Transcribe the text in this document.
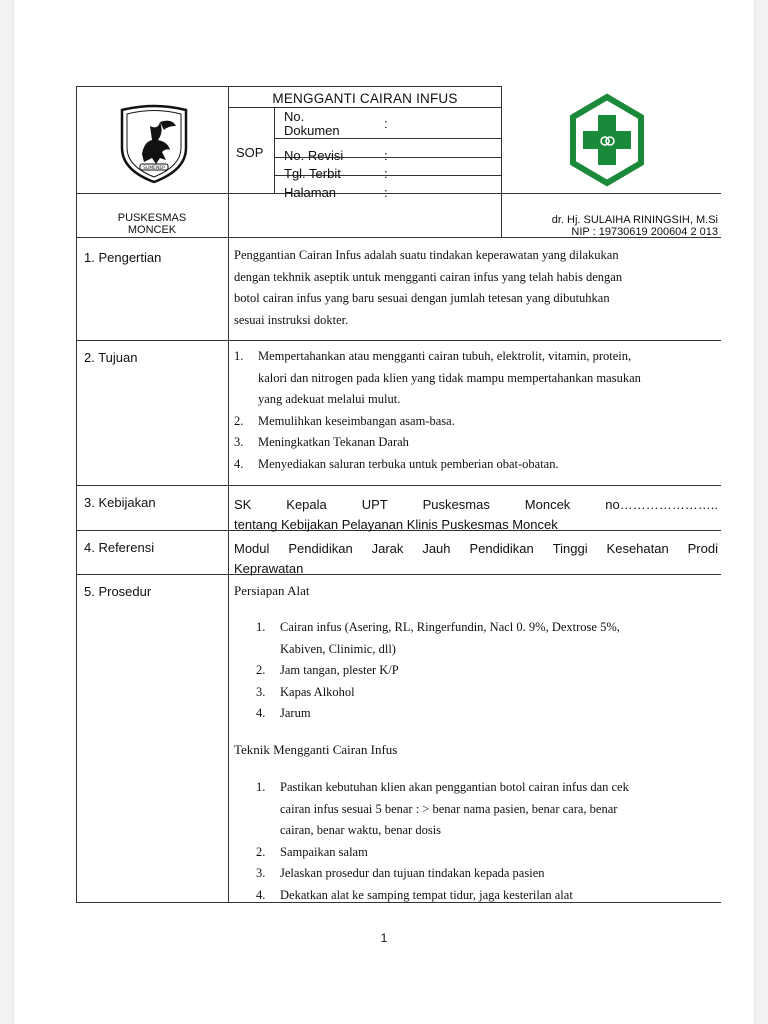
SUMENEP
MENGGANTI CAIRAN INFUS
SOP
No.
Dokumen	:
No. Revisi	:
Tgl. Terbit	:
Halaman	:
PUSKESMAS
MONCEK
dr. Hj. SULAIHA RININGSIH, M.Si
NIP : 19730619 200604 2 013
1. Pengertian	Penggantian Cairan Infus adalah suatu tindakan keperawatan yang dilakukan
dengan tekhnik aseptik untuk mengganti cairan infus yang telah habis dengan
botol cairan infus yang baru sesuai dengan jumlah tetesan yang dibutuhkan
sesuai instruksi dokter.
2. Tujuan	1. Mempertahankan atau mengganti cairan tubuh, elektrolit, vitamin, protein,
kalori dan nitrogen pada klien yang tidak mampu mempertahankan masukan
yang adekuat melalui mulut.
2. Memulihkan keseimbangan asam-basa.
3. Meningkatkan Tekanan Darah
4. Menyediakan saluran terbuka untuk pemberian obat-obatan.
3. Kebijakan	SK	Kepala	UPT	Puskesmas	Moncek	no…………………..
tentang Kebijakan Pelayanan Klinis Puskesmas Moncek
4. Referensi	Modul Pendidikan Jarak Jauh Pendidikan Tinggi Kesehatan Prodi
Keprawatan
5. Prosedur	Persiapan Alat
1. Cairan infus (Asering, RL, Ringerfundin, Nacl 0. 9%, Dextrose 5%,
Kabiven, Clinimic, dll)
2. Jam tangan, plester K/P
3. Kapas Alkohol
4. Jarum
Teknik Mengganti Cairan Infus
1. Pastikan kebutuhan klien akan penggantian botol cairan infus dan cek
cairan infus sesuai 5 benar : > benar nama pasien, benar cara, benar
cairan, benar waktu, benar dosis
2. Sampaikan salam
3. Jelaskan prosedur dan tujuan tindakan kepada pasien
4. Dekatkan alat ke samping tempat tidur, jaga kesterilan alat
1
